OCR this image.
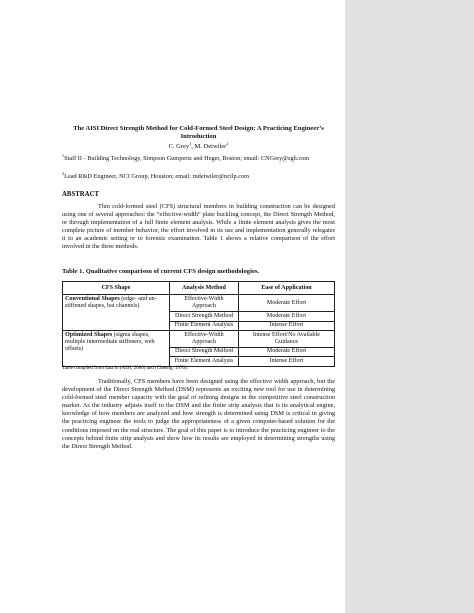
The AISI Direct Strength Method for Cold-Formed Steel Design: A Practicing Engineer’s Introduction
C. Grey$^1$, M. Detwiler$^2$
$^1$Staff II - Building Technology, Simpson Gumpertz and Heger, Boston; email: CNGrey@sgh.com
$^2$Lead R&D Engineer, NCI Group, Houston; email: mdetwiler@ncilp.com
ABSTRACT

Thin cold-formed steel (CFS) structural members in building construction can be designed using one of several approaches: the “effective-width” plate buckling concept, the Direct Strength Method, or through implementation of a full finite element analysis. While a finite element analysis gives the most complete picture of member behavior, the effort involved in its use and implementation generally relegates it to an academic setting or to forensic examination. Table 1 shows a relative comparison of the effort involved in the three methods.

Table 1. Qualitative comparison of current CFS design methodologies.
CFS Shape	Analysis Method	Ease of Application
Conventional Shapes (edge- and un-stiffened shapes, hat channels)	Effective-Width Approach	Moderate Effort
	Direct Strength Method	Moderate Effort
	Finite Element Analysis	Intense Effort
Optimized Shapes (sigma shapes, multiple intermediate stiffeners, web offsets)	Effective-Width Approach	Intense Effort/No Available Guidance
	Direct Strength Method	Moderate Effort
	Finite Element Analysis	Intense Effort
Table compiled from data in (AISI, 2006) and (Cheung, 1976).

Traditionally, CFS members have been designed using the effective width approach, but the development of the Direct Strength Method (DSM) represents an exciting new tool for use in determining cold-formed steel member capacity with the goal of refining designs in the competitive steel construction market. As the industry adjusts itself to the DSM and the finite strip analysis that is its analytical engine, knowledge of how members are analyzed and how strength is determined using DSM is critical in giving the practicing engineer the tools to judge the appropriateness of a given computer-based solution for the conditions imposed on the real structure. The goal of this paper is to introduce the practicing engineer to the concepts behind finite strip analysis and show how its results are employed in determining strengths using the Direct Strength Method.
